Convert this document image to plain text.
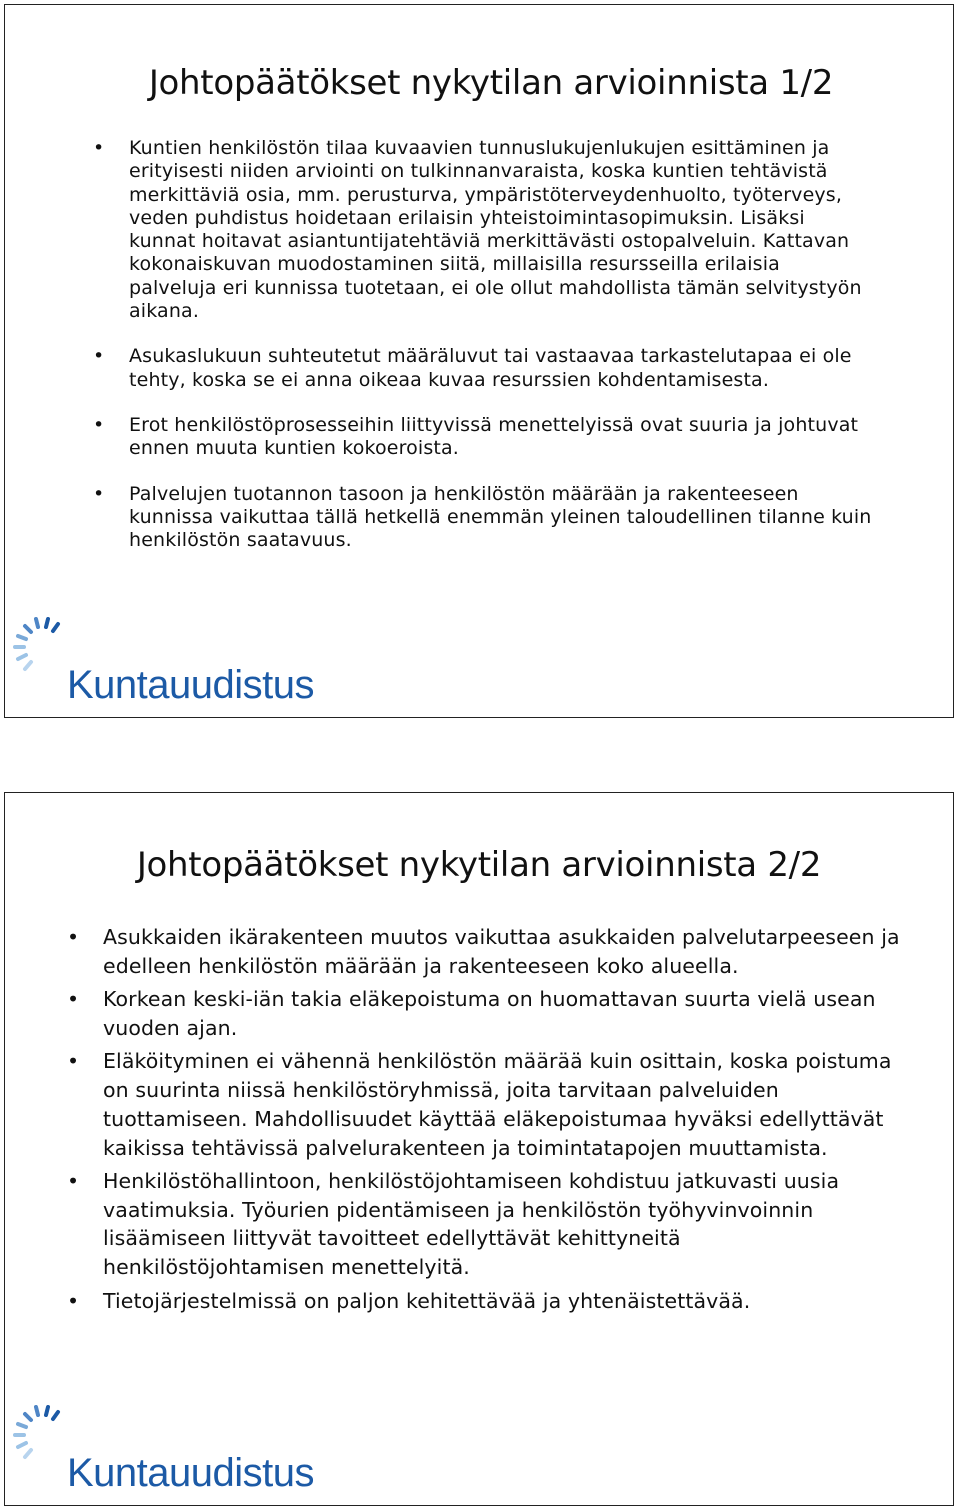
Johtopäätökset nykytilan arvioinnista 1/2
• Kuntien henkilöstön tilaa kuvaavien tunnuslukujenlukujen esittäminen ja erityisesti niiden arviointi on tulkinnanvaraista, koska kuntien tehtävistä merkittäviä osia, mm. perusturva, ympäristöterveydenhuolto, työterveys, veden puhdistus hoidetaan erilaisin yhteistoimintasopimuksin. Lisäksi kunnat hoitavat asiantuntijatehtäviä merkittävästi ostopalveluin. Kattavan kokonaiskuvan muodostaminen siitä, millaisilla resursseilla erilaisia palveluja eri kunnissa tuotetaan, ei ole ollut mahdollista tämän selvitystyön aikana.
• Asukaslukuun suhteutetut määräluvut tai vastaavaa tarkastelutapaa ei ole tehty, koska se ei anna oikeaa kuvaa resurssien kohdentamisesta.
• Erot henkilöstöprosesseihin liittyvissä menettelyissä ovat suuria ja johtuvat ennen muuta kuntien kokoeroista.
• Palvelujen tuotannon tasoon ja henkilöstön määrään ja rakenteeseen kunnissa vaikuttaa tällä hetkellä enemmän yleinen taloudellinen tilanne kuin henkilöstön saatavuus.
Kuntauudistus
Johtopäätökset nykytilan arvioinnista 2/2
• Asukkaiden ikärakenteen muutos vaikuttaa asukkaiden palvelutarpeeseen ja edelleen henkilöstön määrään ja rakenteeseen koko alueella.
• Korkean keski-iän takia eläkepoistuma on huomattavan suurta vielä usean vuoden ajan.
• Eläköityminen ei vähennä henkilöstön määrää kuin osittain, koska poistuma on suurinta niissä henkilöstöryhmissä, joita tarvitaan palveluiden tuottamiseen. Mahdollisuudet käyttää eläkepoistumaa hyväksi edellyttävät kaikissa tehtävissä palvelurakenteen ja toimintatapojen muuttamista.
• Henkilöstöhallintoon, henkilöstöjohtamiseen kohdistuu jatkuvasti uusia vaatimuksia. Työurien pidentämiseen ja henkilöstön työhyvinvoinnin lisäämiseen liittyvät tavoitteet edellyttävät kehittyneitä henkilöstöjohtamisen menettelyitä.
• Tietojärjestelmissä on paljon kehitettävää ja yhtenäistettävää.
Kuntauudistus
